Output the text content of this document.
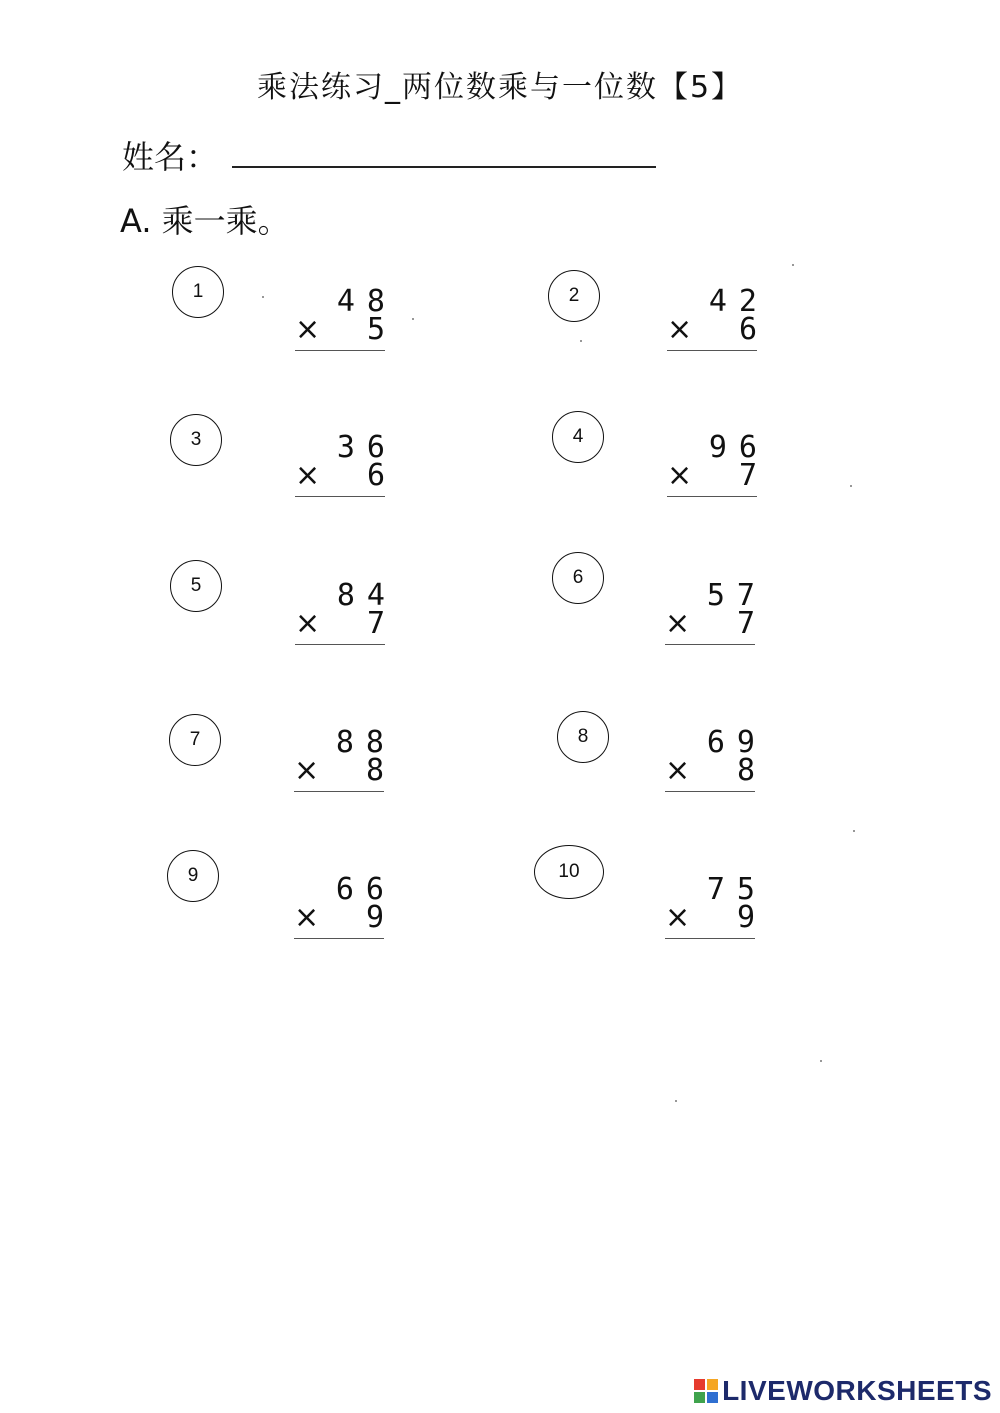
乘法练习_两位数乘与一位数【5】
姓名：
A. 乘一乘。
1	48
× 5
2	42
× 6
3	36
× 6
4	96
× 7
5	84
× 7
6
57
× 7
7	88
× 8
8	69
× 8
9	66
× 9
10
75
× 9
LIVEWORKSHEETS
